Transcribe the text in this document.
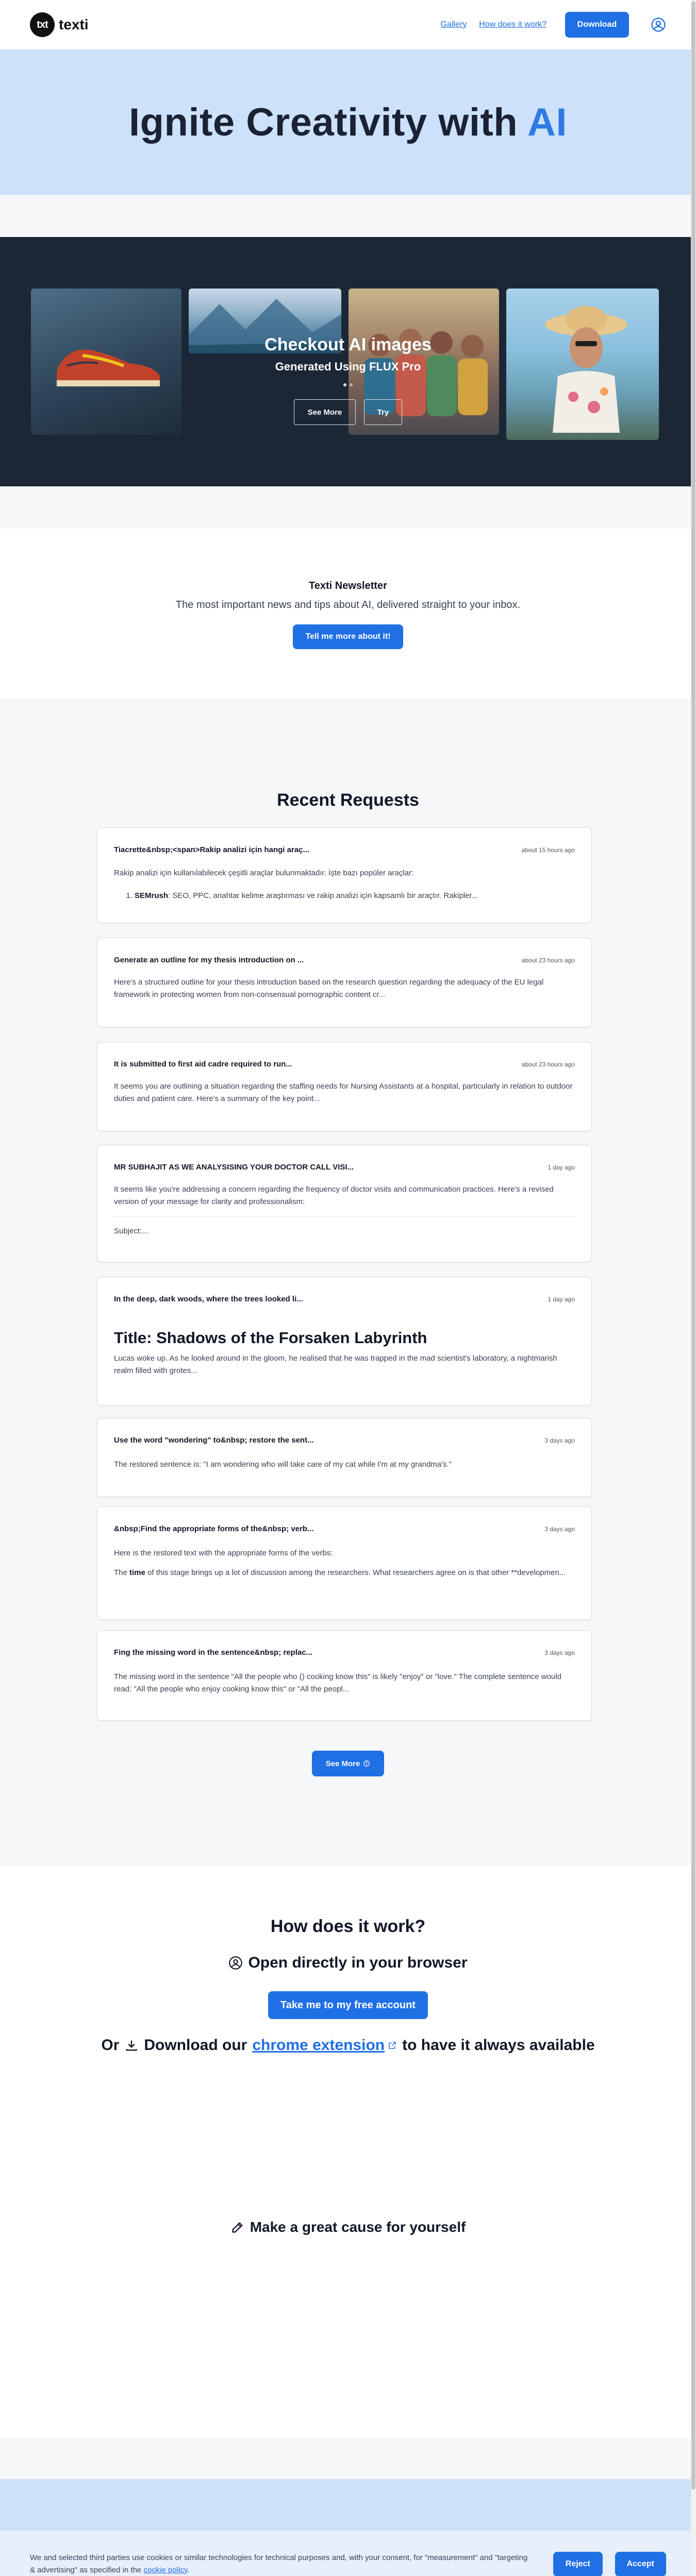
txt texti	Gallery How does it work?	Download
Ignite Creativity with AI
Checkout AI images
Generated Using FLUX Pro
See More	Try
Texti Newsletter

The most important news and tips about AI, delivered straight to your inbox.

Tell me more about it!
Recent Requests
Tiacrette&nbsp;<span>Rakip analizi için hangi araç...	about 15 hours ago
Rakip analizi için kullanılabilecek çeşitli araçlar bulunmaktadır. İşte bazı popüler araçlar:
1. SEMrush: SEO, PPC, anahtar kelime araştırması ve rakip analizi için kapsamlı bir araçtır. Rakipler...
Generate an outline for my thesis introduction on ...	about 23 hours ago
Here's a structured outline for your thesis introduction based on the research question regarding the adequacy of the EU legal framework in protecting women from non-consensual pornographic content cr...
It is submitted to first aid cadre required to run...	about 23 hours ago
It seems you are outlining a situation regarding the staffing needs for Nursing Assistants at a hospital, particularly in relation to outdoor duties and patient care. Here's a summary of the key point...
MR SUBHAJIT AS WE ANALYSISING YOUR DOCTOR CALL VISI...	1 day ago
It seems like you're addressing a concern regarding the frequency of doctor visits and communication practices. Here's a revised version of your message for clarity and professionalism:
Subject:...
In the deep, dark woods, where the trees looked li...	1 day ago
Title: Shadows of the Forsaken Labyrinth
Lucas woke up. As he looked around in the gloom, he realised that he was trapped in the mad scientist's laboratory, a nightmarish realm filled with grotes...
Use the word "wondering" to&nbsp; restore the sent...	3 days ago
The restored sentence is: "I am wondering who will take care of my cat while I'm at my grandma's."
&nbsp;Find the appropriate forms of the&nbsp; verb...	3 days ago
Here is the restored text with the appropriate forms of the verbs:
The time of this stage brings up a lot of discussion among the researchers. What researchers agree on is that other **developmen...
Fing the missing word in the sentence&nbsp; replac...	3 days ago
The missing word in the sentence "All the people who () cooking know this" is likely "enjoy" or "love." The complete sentence would read: "All the people who enjoy cooking know this" or "All the peopl...
See More
How does it work?
Open directly in your browser
Take me to my free account
Or Download our chrome extension to have it always available
Make a great cause for yourself
We and selected third parties use cookies or similar technologies for technical purposes and, with your consent, for "measurement" and "targeting & advertising" as specified in the cookie policy.
Reject	Accept
